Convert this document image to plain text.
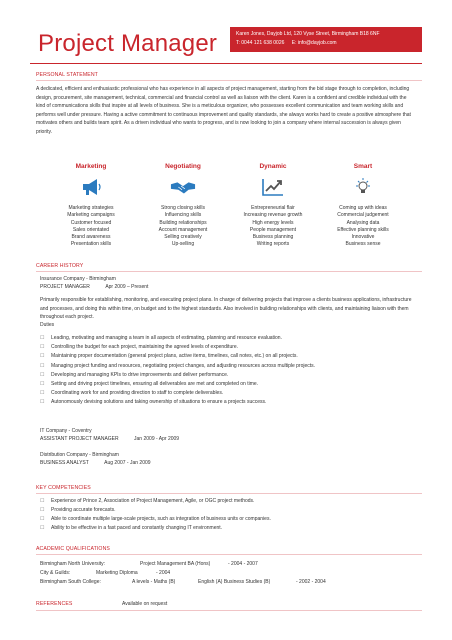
Project Manager	Karen Jones, Dayjob Ltd, 120 Vyse Street, Birmingham B18 6NF
T: 0044 121 638 0026 E: info@dayjob.com
PERSONAL STATEMENT
A dedicated, efficient and enthusiastic professional who has experience in all aspects of project management, starting from the bid stage through to completion, including design, procurement, site management, technical, commercial and financial control as well as liaison with the client. Karen is a confident and credible individual with the kind of communications skills that inspire at all levels of business. She is a meticulous organizer, who possesses excellent communication and team working skills and performs well under pressure. Having a active commitment to continuous improvement and quality standards, she always works hard to create a positive atmosphere that motivates others and builds team spirit. As a driven individual who wants to progress, and is now looking to join a company where internal succession is always given priority.
Marketing
Marketing strategies
Marketing campaigns
Customer focused
Sales orientated
Brand awareness
Presentation skills
Negotiating
Strong closing skills
Influencing skills
Building relationships
Account management
Selling creatively
Up-selling
Dynamic
Entrepreneurial flair
Increasing revenue growth
High energy levels
People management
Business planning
Writing reports
Smart
Coming up with ideas
Commercial judgement
Analysing data
Effective planning skills
Innovative
Business sense
CAREER HISTORY
Insurance Company - Birmingham
PROJECT MANAGER	Apr 2009 – Present
Primarily responsible for establishing, monitoring, and executing project plans. In charge of delivering projects that improve a clients business applications, infrastructure and processes, and doing this within time, on budget and to the highest standards. Also involved in building relationships with clients, and maintaining liaison with them throughout each project.
Duties
☐	Leading, motivating and managing a team in all aspects of estimating, planning and resource evaluation.
☐	Controlling the budget for each project, maintaining the agreed levels of expenditure.
☐	Maintaining proper documentation (general project plans, active items, timelines, call notes, etc.) on all projects.
☐	Managing project funding and resources, negotiating project changes, and adjusting resources across multiple projects.
☐	Developing and managing KPIs to drive improvements and deliver performance.
☐	Setting and driving project timelines, ensuring all deliverables are met and completed on time.
☐	Coordinating work for and providing direction to staff to complete deliverables.
☐	Autonomously devising solutions and taking ownership of situations to ensure a projects success.
IT Company - Coventry
ASSISTANT PROJECT MANAGER	Jan 2009 - Apr 2009
Distribution Company - Birmingham
BUSINESS ANALYST	Aug 2007 - Jan 2009
KEY COMPETENCIES
☐	Experience of Prince 2, Association of Project Management, Agile, or OGC project methods.
☐	Providing accurate forecasts.
☐	Able to coordinate multiple large-scale projects, such as integration of business units or companies.
☐	Ability to be effective in a fast paced and constantly changing IT environment.
ACADEMIC QUALIFICATIONS
Birmingham North University:	Project Management BA (Hons)	- 2004 - 2007
City & Guilds:	Marketing Diploma	- 2004
Birmingham South College:	A levels - Maths (B)	English (A) Business Studies (B)	- 2002 - 2004
REFERENCES	Available on request
